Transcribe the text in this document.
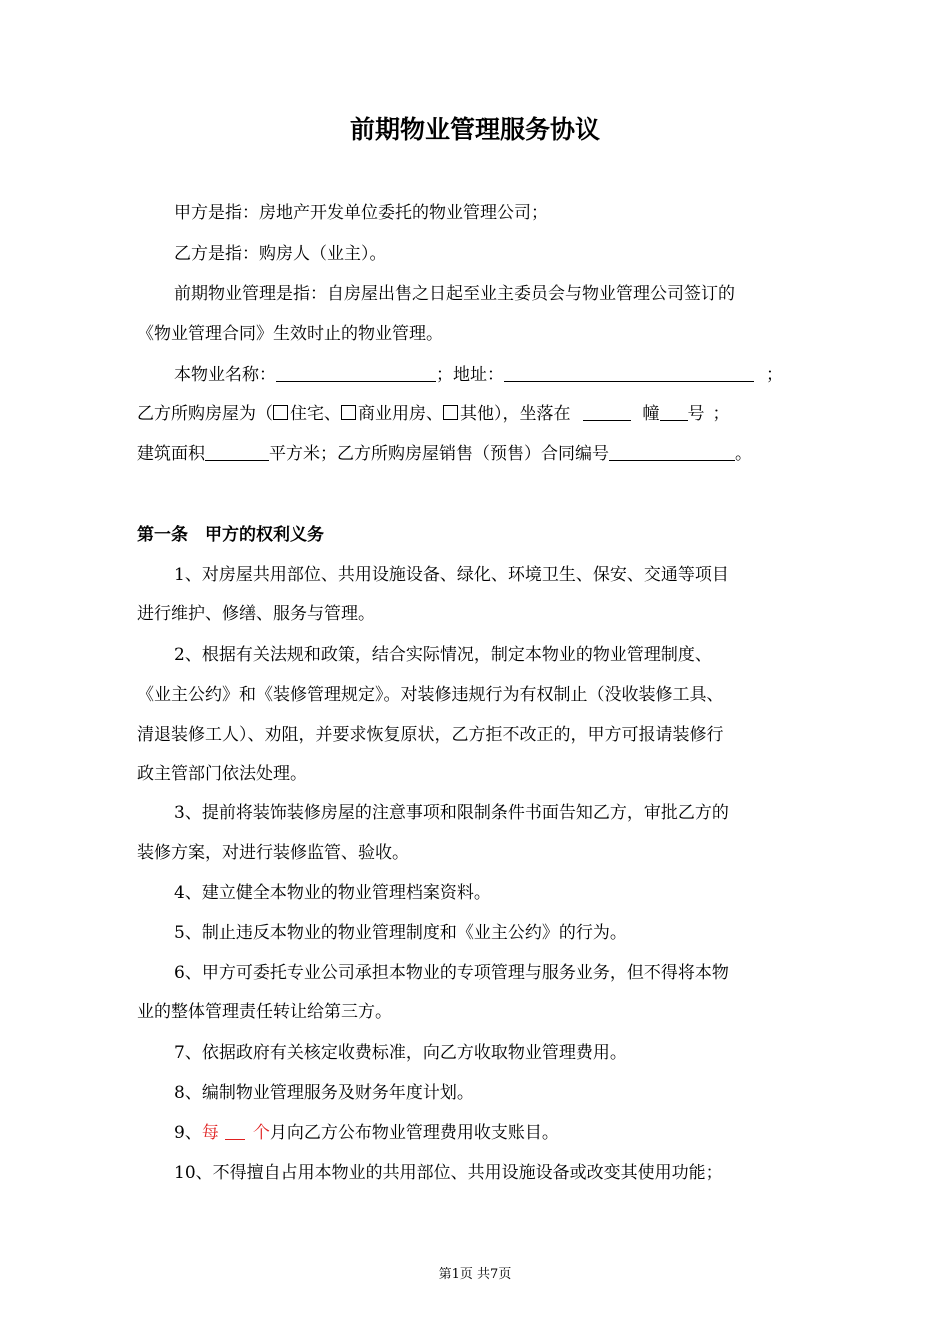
前期物业管理服务协议
甲方是指：房地产开发单位委托的物业管理公司；
乙方是指：购房人（业主）。
前期物业管理是指：自房屋出售之日起至业主委员会与物业管理公司签订的
《物业管理合同》生效时止的物业管理。
本物业名称：	；地址：	；
乙方所购房屋为（ 住宅、 商业用房、 其他），坐落在	幢 号 ；
建筑面积	平方米；乙方所购房屋销售（预售）合同编号	。
第一条　甲方的权利义务
1、对房屋共用部位、共用设施设备、绿化、环境卫生、保安、交通等项目
进行维护、修缮、服务与管理。
2、根据有关法规和政策，结合实际情况，制定本物业的物业管理制度、
《业主公约》和《装修管理规定》。对装修违规行为有权制止（没收装修工具、
清退装修工人）、劝阻，并要求恢复原状，乙方拒不改正的，甲方可报请装修行
政主管部门依法处理。
3、提前将装饰装修房屋的注意事项和限制条件书面告知乙方，审批乙方的
装修方案，对进行装修监管、验收。
4、建立健全本物业的物业管理档案资料。
5、制止违反本物业的物业管理制度和《业主公约》的行为。
6、甲方可委托专业公司承担本物业的专项管理与服务业务，但不得将本物
业的整体管理责任转让给第三方。
7、依据政府有关核定收费标准，向乙方收取物业管理费用。
8、编制物业管理服务及财务年度计划。
9、每 个月向乙方公布物业管理费用收支账目。
10、不得擅自占用本物业的共用部位、共用设施设备或改变其使用功能；
第1页 共7页
